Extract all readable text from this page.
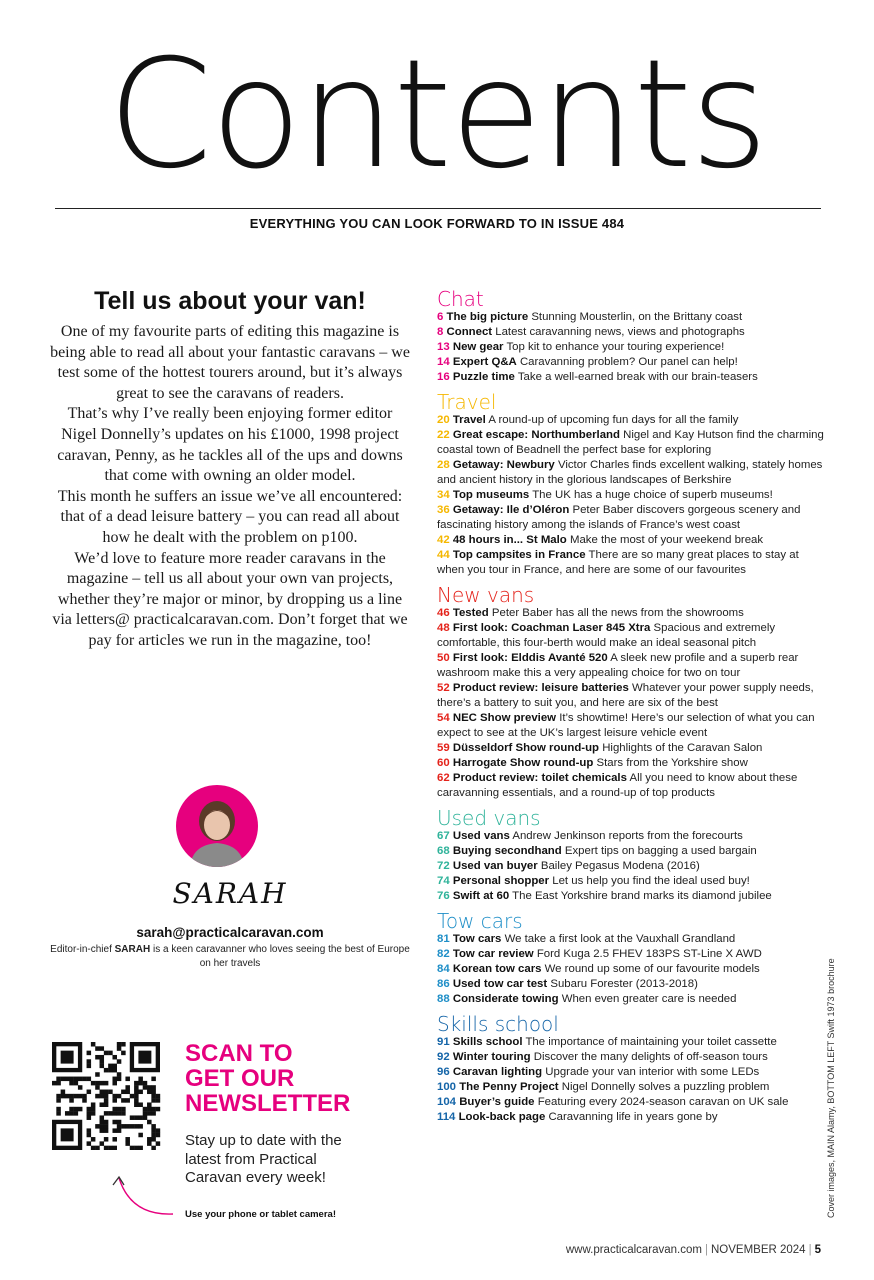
Contents
EVERYTHING YOU CAN LOOK FORWARD TO IN ISSUE 484
Tell us about your van!

One of my favourite parts of editing this magazine is being able to read all about your fantastic caravans – we test some of the hottest tourers around, but it’s always great to see the caravans of readers.

That’s why I’ve really been enjoying former editor Nigel Donnelly’s updates on his £1000, 1998 project caravan, Penny, as he tackles all of the ups and downs that come with owning an older model.

This month he suffers an issue we’ve all encountered: that of a dead leisure battery – you can read all about how he dealt with the problem on p100.

We’d love to feature more reader caravans in the magazine – tell us all about your own van projects, whether they’re major or minor, by dropping us a line via letters@ practicalcaravan.com. Don’t forget that we pay for articles we run in the magazine, too!

SARAH
sarah@practicalcaravan.com
Editor-in-chief SARAH is a keen caravanner who loves seeing the best of Europe on her travels
SCAN TO
GET OUR
NEWSLETTER
Stay up to date with the latest from Practical Caravan every week!
Use your phone or tablet camera!
Chat
6 The big picture Stunning Mousterlin, on the Brittany coast
8 Connect Latest caravanning news, views and photographs
13 New gear Top kit to enhance your touring experience!
14 Expert Q&A Caravanning problem? Our panel can help!
16 Puzzle time Take a well-earned break with our brain-teasers
Travel
20 Travel A round-up of upcoming fun days for all the family
22 Great escape: Northumberland Nigel and Kay Hutson find the charming coastal town of Beadnell the perfect base for exploring
28 Getaway: Newbury Victor Charles finds excellent walking, stately homes and ancient history in the glorious landscapes of Berkshire
34 Top museums The UK has a huge choice of superb museums!
36 Getaway: Ile d’Oléron Peter Baber discovers gorgeous scenery and fascinating history among the islands of France’s west coast
42 48 hours in... St Malo Make the most of your weekend break
44 Top campsites in France There are so many great places to stay at when you tour in France, and here are some of our favourites
New vans
46 Tested Peter Baber has all the news from the showrooms
48 First look: Coachman Laser 845 Xtra Spacious and extremely comfortable, this four-berth would make an ideal seasonal pitch
50 First look: Elddis Avanté 520 A sleek new profile and a superb rear washroom make this a very appealing choice for two on tour
52 Product review: leisure batteries Whatever your power supply needs, there’s a battery to suit you, and here are six of the best
54 NEC Show preview It’s showtime! Here’s our selection of what you can expect to see at the UK’s largest leisure vehicle event
59 Düsseldorf Show round-up Highlights of the Caravan Salon
60 Harrogate Show round-up Stars from the Yorkshire show
62 Product review: toilet chemicals All you need to know about these caravanning essentials, and a round-up of top products
Used vans
67 Used vans Andrew Jenkinson reports from the forecourts
68 Buying secondhand Expert tips on bagging a used bargain
72 Used van buyer Bailey Pegasus Modena (2016)
74 Personal shopper Let us help you find the ideal used buy!
76 Swift at 60 The East Yorkshire brand marks its diamond jubilee
Tow cars
81 Tow cars We take a first look at the Vauxhall Grandland
82 Tow car review Ford Kuga 2.5 FHEV 183PS ST-Line X AWD
84 Korean tow cars We round up some of our favourite models
86 Used tow car test Subaru Forester (2013-2018)
88 Considerate towing When even greater care is needed
Skills school
91 Skills school The importance of maintaining your toilet cassette
92 Winter touring Discover the many delights of off-season tours
96 Caravan lighting Upgrade your van interior with some LEDs
100 The Penny Project Nigel Donnelly solves a puzzling problem
104 Buyer’s guide Featuring every 2024-season caravan on UK sale
114 Look-back page Caravanning life in years gone by	Cover images, MAIN Alamy, BOTTOM LEFT Swift 1973 brochure
www.practicalcaravan.com | NOVEMBER 2024 | 5
